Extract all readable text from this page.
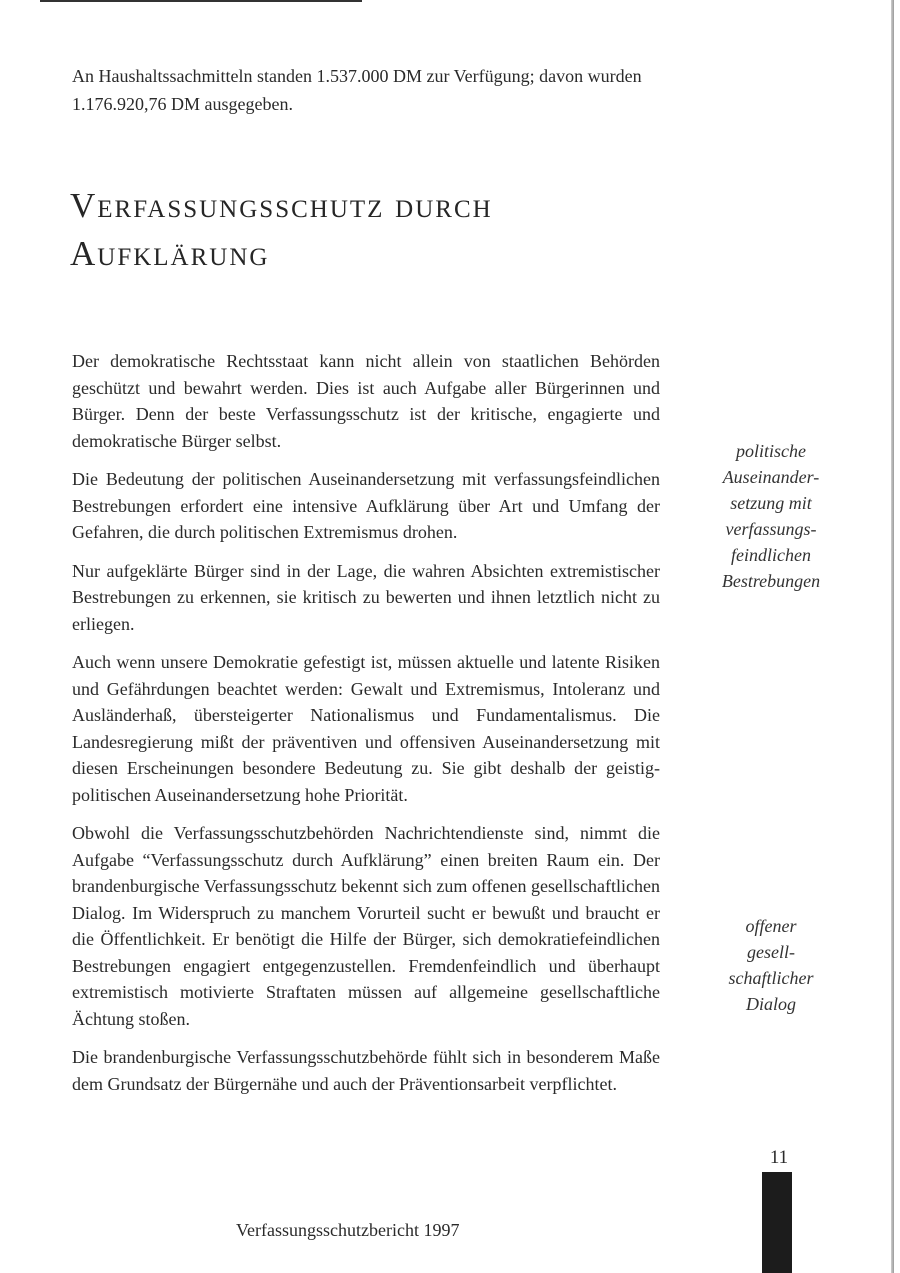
An Haushaltssachmitteln standen 1.537.000 DM zur Verfügung; davon wurden 1.176.920,76 DM ausgegeben.

Verfassungsschutz durch
Aufklärung

Der demokratische Rechtsstaat kann nicht allein von staatlichen Behörden geschützt und bewahrt werden. Dies ist auch Aufgabe aller Bürgerinnen und Bürger. Denn der beste Verfassungsschutz ist der kritische, engagierte und demokratische Bürger selbst.

Die Bedeutung der politischen Auseinandersetzung mit verfassungsfeindlichen Bestrebungen erfordert eine intensive Aufklärung über Art und Umfang der Gefahren, die durch politischen Extremismus drohen.

Nur aufgeklärte Bürger sind in der Lage, die wahren Absichten extremistischer Bestrebungen zu erkennen, sie kritisch zu bewerten und ihnen letztlich nicht zu erliegen.

Auch wenn unsere Demokratie gefestigt ist, müssen aktuelle und latente Risiken und Gefährdungen beachtet werden: Gewalt und Extremismus, Intoleranz und Ausländerhaß, übersteigerter Nationalismus und Fundamentalismus. Die Landesregierung mißt der präventiven und offensiven Auseinandersetzung mit diesen Erscheinungen besondere Bedeutung zu. Sie gibt deshalb der geistig-politischen Auseinandersetzung hohe Priorität.

Obwohl die Verfassungsschutzbehörden Nachrichtendienste sind, nimmt die Aufgabe “Verfassungsschutz durch Aufklärung” einen breiten Raum ein. Der brandenburgische Verfassungsschutz bekennt sich zum offenen gesellschaftlichen Dialog. Im Widerspruch zu manchem Vorurteil sucht er bewußt und braucht er die Öffentlichkeit. Er benötigt die Hilfe der Bürger, sich demokratiefeindlichen Bestrebungen engagiert entgegenzustellen. Fremdenfeindlich und überhaupt extremistisch motivierte Straftaten müssen auf allgemeine gesellschaftliche Ächtung stoßen.

Die brandenburgische Verfassungsschutzbehörde fühlt sich in besonderem Maße dem Grundsatz der Bürgernähe und auch der Präventionsarbeit verpflichtet.

politische
Auseinander-
setzung mit
verfassungs-
feindlichen
Bestrebungen

offener
gesell-
schaftlicher
Dialog

11

Verfassungsschutzbericht 1997
